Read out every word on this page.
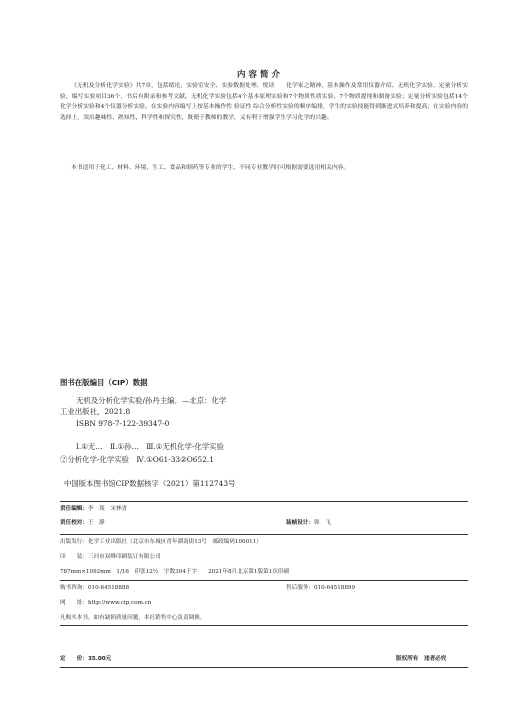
内容简介
《无机及分析化学实验》共7章，包括绪论、实验室安全、实验数据处理、悦读　　化学家之精神、基本操作及常用仪器介绍、无机化学实验、定量分析实验，编写实验项目36个，书后有附录和参考文献。无机化学实验包括4个基本原理实验和7个物质性质实验、7个物质提纯和制备实验；定量分析实验包括14个化学分析实验和4个仪器分析实验。在实验内容编写上按基本操作性 验证性 综合分析性实验的顺序编排，学生的实验技能得到渐进式培养和提高；在实验内容的选择上，突出趣味性、熟知性、科学性和探究性，既便于教师的教学，又有利于增强学生学习化学的兴趣。
本书适用于化工、材料、环境、生工、食品和制药等专业的学生，不同专业教学时可根据需要选用相关内容。
图书在版编目（CIP）数据
无机及分析化学实验/孙丹主编．—北京：化学
工业出版社，2021.8
ISBN 978-7-122-39347-0
Ⅰ.①无…　Ⅱ.①孙…　Ⅲ.①无机化学-化学实验
②分析化学-化学实验　Ⅳ.①O61-33②O652.1
中国版本图书馆CIP数据核字（2021）第112743号
责任编辑：李　琰　宋林青
责任校对：王　静	装帧设计：韩　飞
出版发行：化学工业出版社（北京市东城区青年湖南街13号　邮政编码100011）
印　　装：三河市双峰印刷装订有限公司
787mm×1092mm　1/16　印张12½　字数304千字　　2021年8月北京第1版第1次印刷
购书咨询：010-64518888	售后服务：010-64518899
网　　址：http://www.cip.com.cn
凡购买本书，如有缺损质量问题，本社销售中心负责调换。
定　　价：35.00元	版权所有　违者必究
